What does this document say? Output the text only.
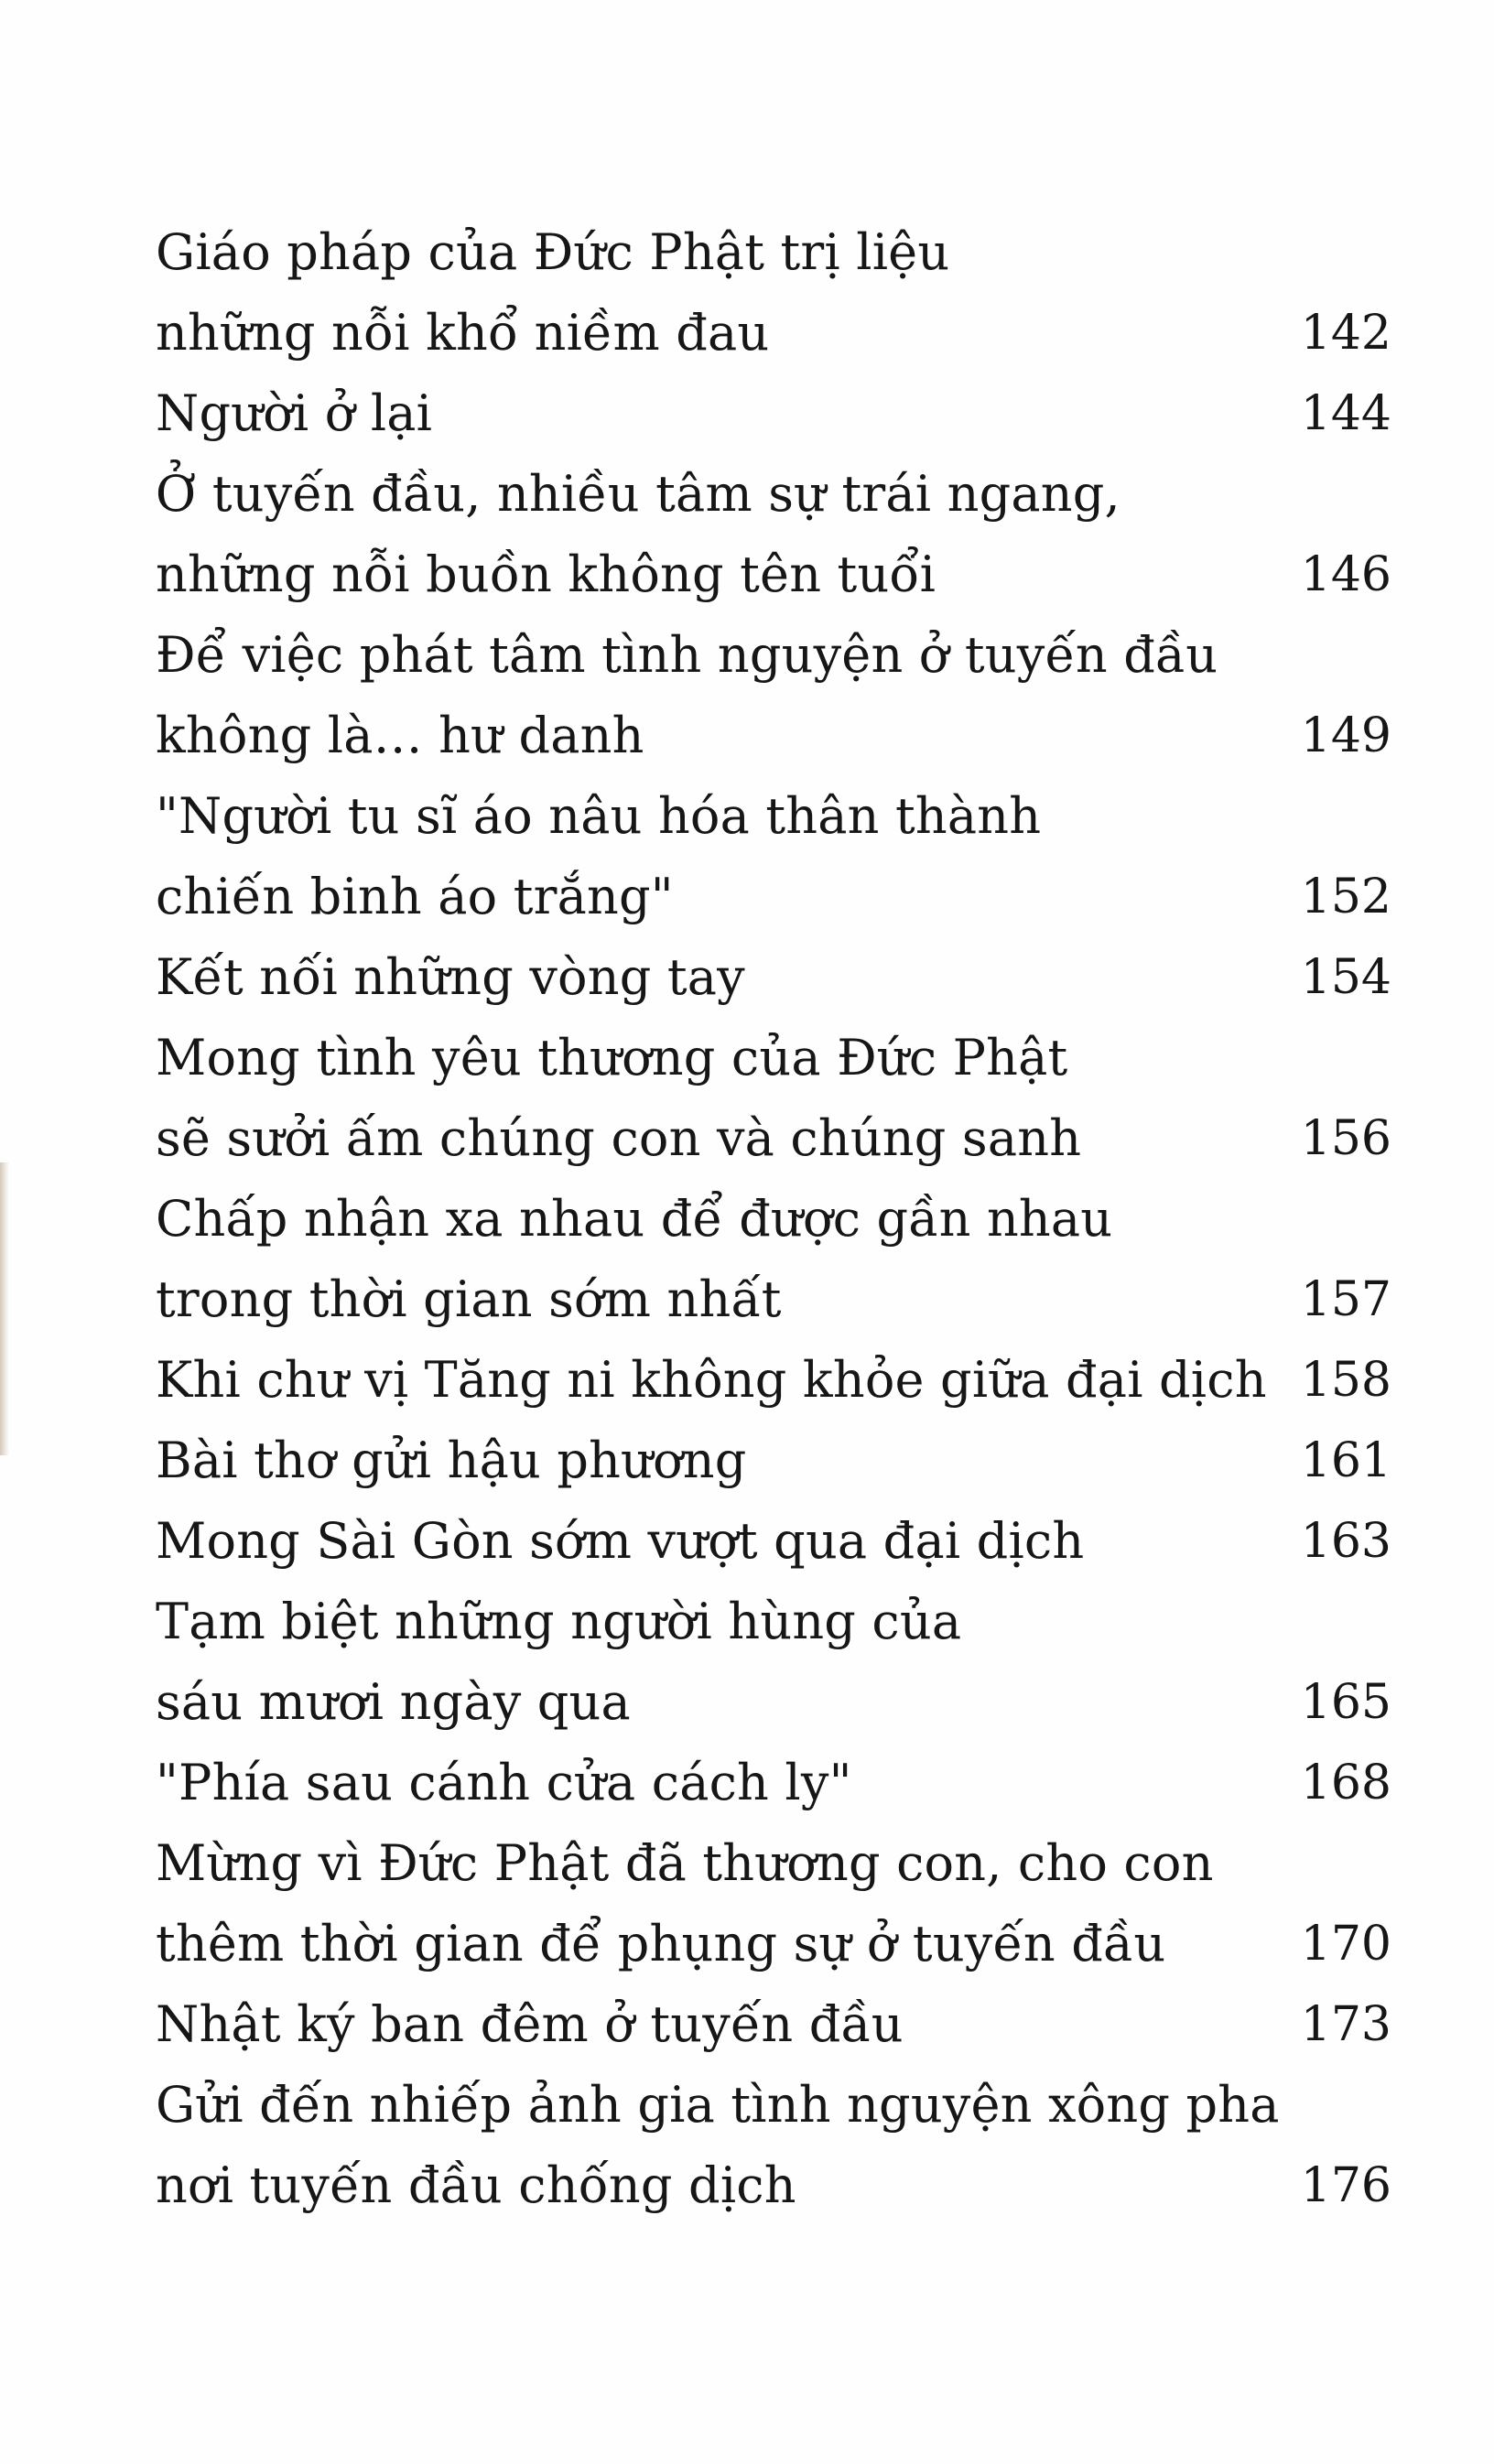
Giáo pháp của Đức Phật trị liệu
những nỗi khổ niềm đau	142
Người ở lại	144
Ở tuyến đầu, nhiều tâm sự trái ngang,
những nỗi buồn không tên tuổi	146
Để việc phát tâm tình nguyện ở tuyến đầu
không là… hư danh	149
"Người tu sĩ áo nâu hóa thân thành
chiến binh áo trắng"	152
Kết nối những vòng tay	154
Mong tình yêu thương của Đức Phật
sẽ sưởi ấm chúng con và chúng sanh	156
Chấp nhận xa nhau để được gần nhau
trong thời gian sớm nhất	157
Khi chư vị Tăng ni không khỏe giữa đại dịch 158
Bài thơ gửi hậu phương	161
Mong Sài Gòn sớm vượt qua đại dịch	163
Tạm biệt những người hùng của
sáu mươi ngày qua	165
"Phía sau cánh cửa cách ly"	168
Mừng vì Đức Phật đã thương con, cho con
thêm thời gian để phụng sự ở tuyến đầu	170
Nhật ký ban đêm ở tuyến đầu	173
Gửi đến nhiếp ảnh gia tình nguyện xông pha
nơi tuyến đầu chống dịch	176
